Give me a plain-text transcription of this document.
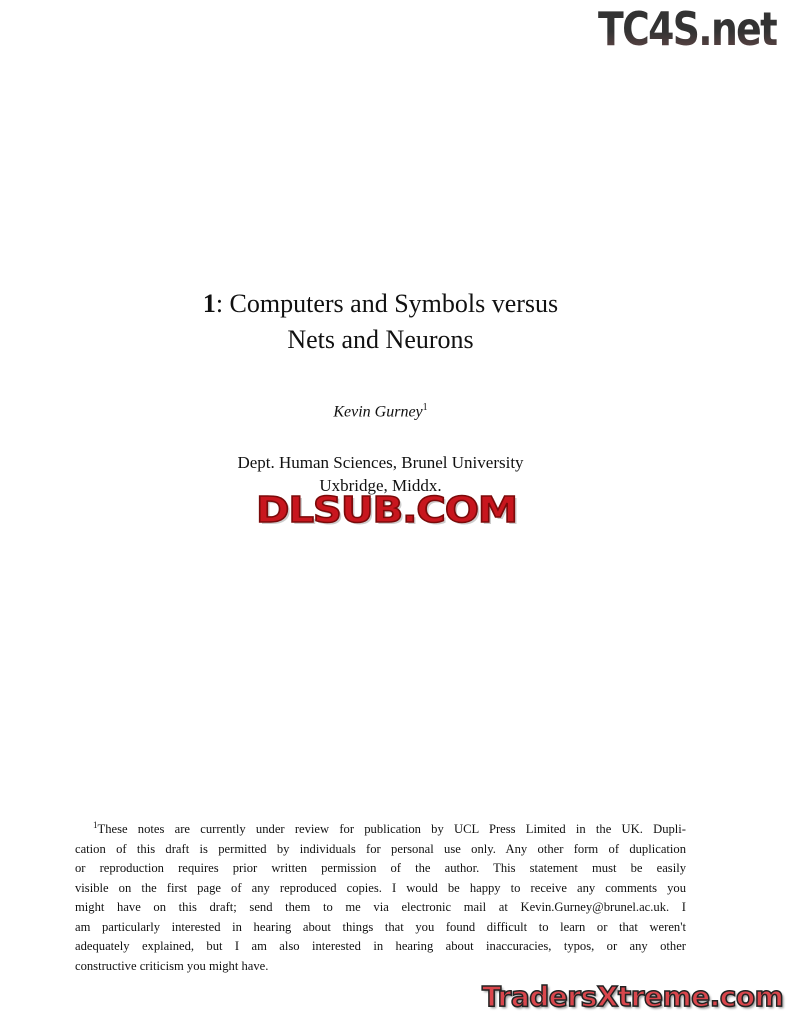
TC4S.net
1: Computers and Symbols versus
Nets and Neurons
Kevin Gurney$^1$
Dept. Human Sciences, Brunel University
Uxbridge, Middx.
DLSUB.COM
$^1$These notes are currently under review for publication by UCL Press Limited in the UK. Dupli-
cation of this draft is permitted by individuals for personal use only. Any other form of duplication
or reproduction requires prior written permission of the author. This statement must be easily
visible on the first page of any reproduced copies. I would be happy to receive any comments you
might have on this draft; send them to me via electronic mail at Kevin.Gurney@brunel.ac.uk. I
am particularly interested in hearing about things that you found difficult to learn or that weren't
adequately explained, but I am also interested in hearing about inaccuracies, typos, or any other
constructive criticism you might have.
TradersXtreme.com
